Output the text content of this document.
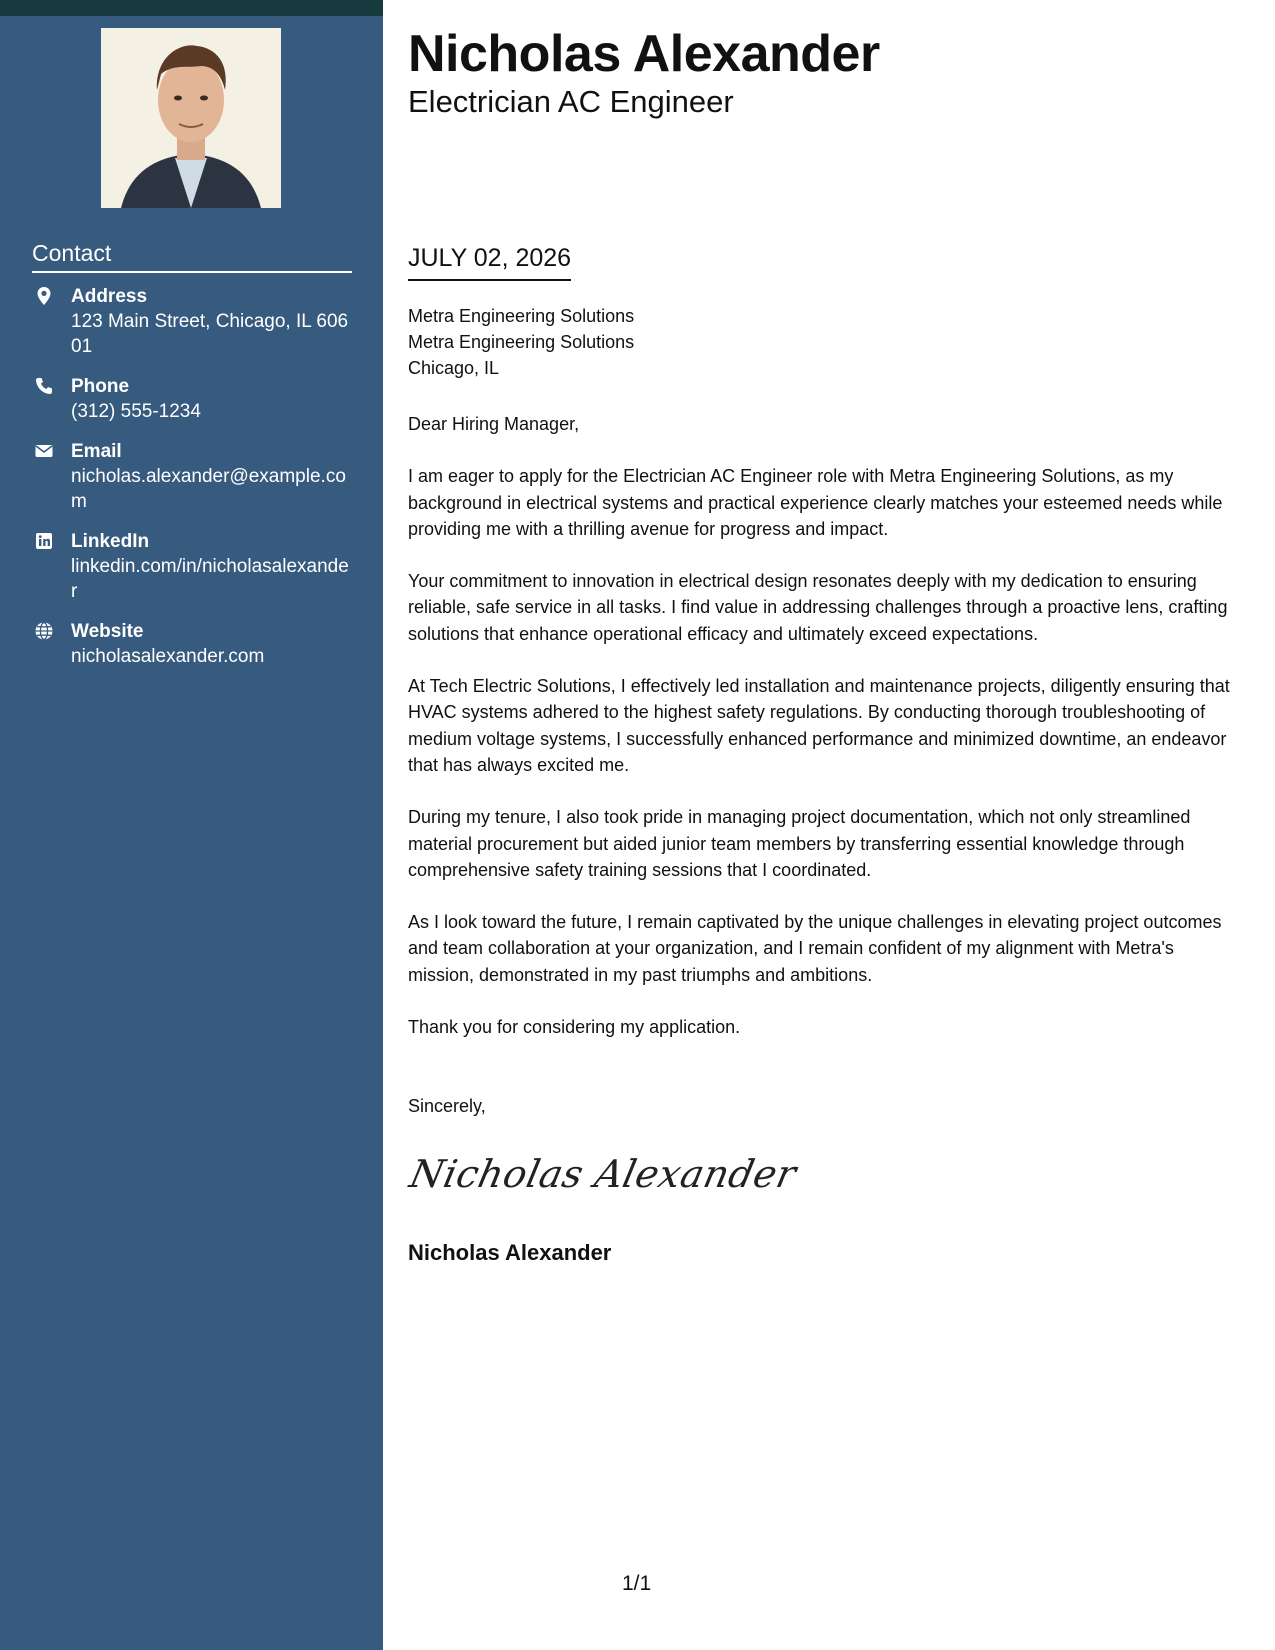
Contact
Address
123 Main Street, Chicago, IL 60601
Phone
(312) 555-1234
Email
nicholas.alexander@example.com
LinkedIn
linkedin.com/in/nicholasalexander
Website
nicholasalexander.com
Nicholas Alexander
Electrician AC Engineer
JULY 02, 2026
Metra Engineering Solutions
Metra Engineering Solutions
Chicago, IL

Dear Hiring Manager,

I am eager to apply for the Electrician AC Engineer role with Metra Engineering Solutions, as my background in electrical systems and practical experience clearly matches your esteemed needs while providing me with a thrilling avenue for progress and impact.

Your commitment to innovation in electrical design resonates deeply with my dedication to ensuring reliable, safe service in all tasks. I find value in addressing challenges through a proactive lens, crafting solutions that enhance operational efficacy and ultimately exceed expectations.

At Tech Electric Solutions, I effectively led installation and maintenance projects, diligently ensuring that HVAC systems adhered to the highest safety regulations. By conducting thorough troubleshooting of medium voltage systems, I successfully enhanced performance and minimized downtime, an endeavor that has always excited me.

During my tenure, I also took pride in managing project documentation, which not only streamlined material procurement but aided junior team members by transferring essential knowledge through comprehensive safety training sessions that I coordinated.

As I look toward the future, I remain captivated by the unique challenges in elevating project outcomes and team collaboration at your organization, and I remain confident of my alignment with Metra's mission, demonstrated in my past triumphs and ambitions.

Thank you for considering my application.

Sincerely,
Nicholas Alexander
Nicholas Alexander
1/1
